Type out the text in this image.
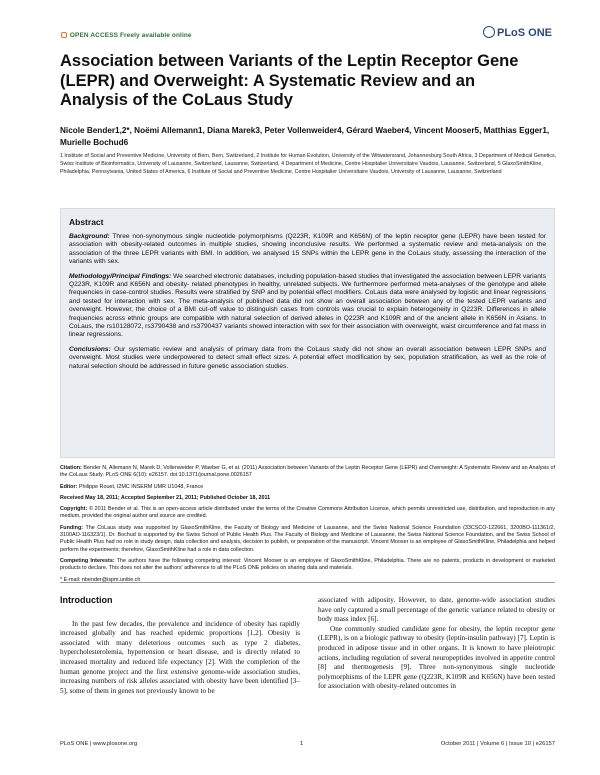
OPEN ACCESS Freely available online	PLoS ONE
Association between Variants of the Leptin Receptor Gene (LEPR) and Overweight: A Systematic Review and an Analysis of the CoLaus Study
Nicole Bender1,2*, Noëmi Allemann1, Diana Marek3, Peter Vollenweider4, Gérard Waeber4, Vincent Mooser5, Matthias Egger1, Murielle Bochud6
1 Institute of Social and Preventive Medicine, University of Bern, Bern, Switzerland, 2 Institute for Human Evolution, University of the Witwatersrand, Johannesburg South Africa, 3 Department of Medical Genetics, Swiss Institute of Bioinformatics, University of Lausanne, Switzerland, Lausanne, Switzerland, 4 Department of Medicine, Centre Hospitalier Universitaire Vaudois, Lausanne, Switzerland, 5 GlaxoSmithKline, Philadelphia, Pennsylvania, United States of America, 6 Institute of Social and Preventive Medicine, Centre Hospitalier Universitaire Vaudois, University of Lausanne, Lausanne, Switzerland
Abstract

Background: Three non-synonymous single nucleotide polymorphisms (Q223R, K109R and K656N) of the leptin receptor gene (LEPR) have been tested for association with obesity-related outcomes in multiple studies, showing inconclusive results. We performed a systematic review and meta-analysis on the association of the three LEPR variants with BMI. In addition, we analysed 15 SNPs within the LEPR gene in the CoLaus study, assessing the interaction of the variants with sex.

Methodology/Principal Findings: We searched electronic databases, including population-based studies that investigated the association between LEPR variants Q223R, K109R and K656N and obesity- related phenotypes in healthy, unrelated subjects. We furthermore performed meta-analyses of the genotype and allele frequencies in case-control studies. Results were stratified by SNP and by potential effect modifiers. CoLaus data were analysed by logistic and linear regressions and tested for interaction with sex. The meta-analysis of published data did not show an overall association between any of the tested LEPR variants and overweight. However, the choice of a BMI cut-off value to distinguish cases from controls was crucial to explain heterogeneity in Q223R. Differences in allele frequencies across ethnic groups are compatible with natural selection of derived alleles in Q223R and K109R and of the ancient allele in K656N in Asians. In CoLaus, the rs10128072, rs3790438 and rs3790437 variants showed interaction with sex for their association with overweight, waist circumference and fat mass in linear regressions.

Conclusions: Our systematic review and analysis of primary data from the CoLaus study did not show an overall association between LEPR SNPs and overweight. Most studies were underpowered to detect small effect sizes. A potential effect modification by sex, population stratification, as well as the role of natural selection should be addressed in future genetic association studies.

Citation: Bender N, Allemann N, Marek D, Vollenweider P, Waeber G, et al. (2011) Association between Variants of the Leptin Receptor Gene (LEPR) and Overweight: A Systematic Review and an Analysis of the CoLaus Study. PLoS ONE 6(10): e26157. doi:10.1371/journal.pone.0026157

Editor: Philippe Rouet, I2MC INSERM UMR U1048, France

Received May 18, 2011; Accepted September 21, 2011; Published October 18, 2011

Copyright: © 2011 Bender et al. This is an open-access article distributed under the terms of the Creative Commons Attribution License, which permits unrestricted use, distribution, and reproduction in any medium, provided the original author and source are credited.

Funding: The CoLaus study was supported by GlaxoSmithKline, the Faculty of Biology and Medicine of Lausanne, and the Swiss National Science Foundation (33CSCO-122661, 3200BO-111361/2, 3100AO-116323/1). Dr. Bochud is supported by the Swiss School of Public Health Plus. The Faculty of Biology and Medicine of Lausanne, the Swiss National Science Foundation, and the Swiss School of Public Health Plus had no role in study design, data collection and analysis, decision to publish, or preparation of the manuscript. Vincent Mooser is an employee of GlaxoSmithKline, Philadelphia and helped perform the experiments; therefore, GlaxoSmithKline had a role in data collection.

Competing Interests: The authors have the following competing interest: Vincent Mooser is an employee of GlaxoSmithKline, Philadelphia. There are no patents, products in development or marketed products to declare. This does not alter the authors' adherence to all the PLoS ONE policies on sharing data and materials.

* E-mail: nbender@ispm.unibe.ch

Introduction

In the past few decades, the prevalence and incidence of obesity has rapidly increased globally and has reached epidemic proportions [1,2]. Obesity is associated with many deleterious outcomes such as type 2 diabetes, hypercholesterolemia, hypertension or heart disease, and is directly related to increased mortality and reduced life expectancy [2]. With the completion of the human genome project and the first extensive genome-wide association studies, increasing numbers of risk alleles associated with obesity have been identified [3–5], some of them in genes not previously known to be

associated with adiposity. However, to date, genome-wide association studies have only captured a small percentage of the genetic variance related to obesity or body mass index [6].

One commonly studied candidate gene for obesity, the leptin receptor gene (LEPR), is on a biologic pathway to obesity (leptin-insulin pathway) [7]. Leptin is produced in adipose tissue and in other organs. It is known to have pleiotropic actions, including regulation of several neuropeptides involved in appetite control [8] and thermogenesis [9]. Three non-synonymous single nucleotide polymorphisms of the LEPR gene (Q223R, K109R and K656N) have been tested for association with obesity-related outcomes in

PLoS ONE | www.plosone.org	1	October 2011 | Volume 6 | Issue 10 | e26157
